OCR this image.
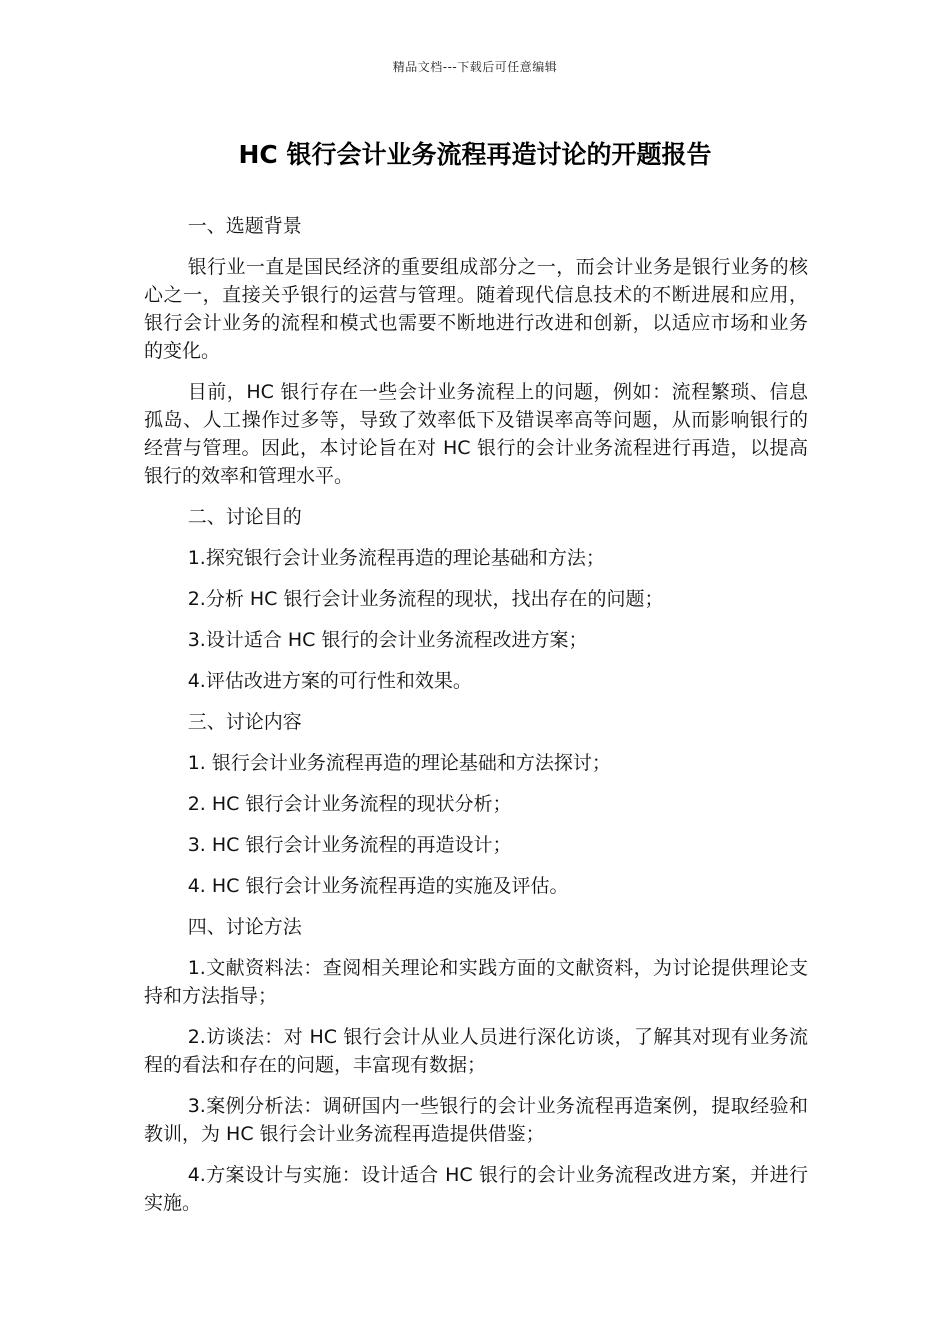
精品文档---下载后可任意编辑
HC 银行会计业务流程再造讨论的开题报告
一、选题背景

银行业一直是国民经济的重要组成部分之一，而会计业务是银行业务的核心之一，直接关乎银行的运营与管理。随着现代信息技术的不断进展和应用，银行会计业务的流程和模式也需要不断地进行改进和创新，以适应市场和业务的变化。

目前，HC 银行存在一些会计业务流程上的问题，例如：流程繁琐、信息孤岛、人工操作过多等，导致了效率低下及错误率高等问题，从而影响银行的经营与管理。因此，本讨论旨在对 HC 银行的会计业务流程进行再造，以提高银行的效率和管理水平。

二、讨论目的

1.探究银行会计业务流程再造的理论基础和方法；

2.分析 HC 银行会计业务流程的现状，找出存在的问题；

3.设计适合 HC 银行的会计业务流程改进方案；

4.评估改进方案的可行性和效果。

三、讨论内容

1. 银行会计业务流程再造的理论基础和方法探讨；

2. HC 银行会计业务流程的现状分析；

3. HC 银行会计业务流程的再造设计；

4. HC 银行会计业务流程再造的实施及评估。

四、讨论方法

1.文献资料法：查阅相关理论和实践方面的文献资料，为讨论提供理论支持和方法指导；

2.访谈法：对 HC 银行会计从业人员进行深化访谈，了解其对现有业务流程的看法和存在的问题，丰富现有数据；

3.案例分析法：调研国内一些银行的会计业务流程再造案例，提取经验和教训，为 HC 银行会计业务流程再造提供借鉴；

4.方案设计与实施：设计适合 HC 银行的会计业务流程改进方案，并进行实施。
